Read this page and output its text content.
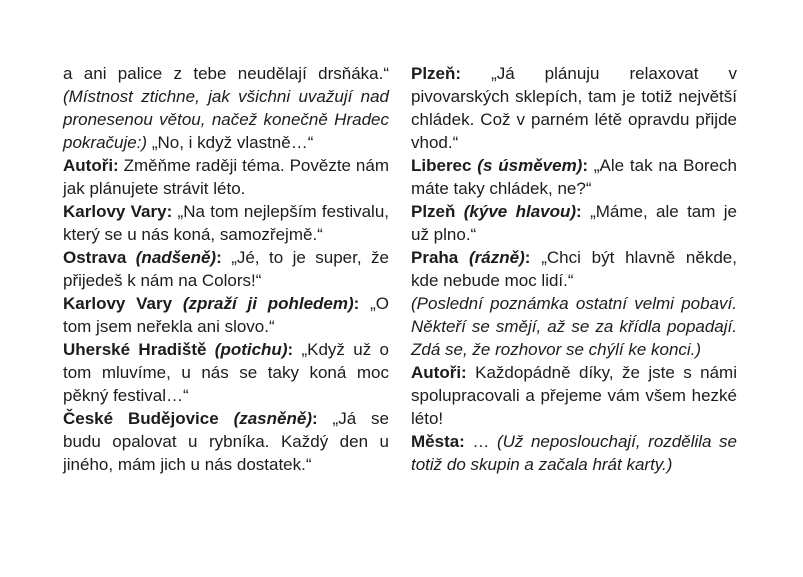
a ani palice z tebe neudělají drsňáka.“

(Místnost ztichne, jak všichni uvažují nad pronesenou větou, načež konečně Hradec pokračuje:) „No, i když vlastně…“

Autoři: Změňme raději téma. Povězte nám jak plánujete strávit léto.

Karlovy Vary: „Na tom nejlepším festivalu, který se u nás koná, samozřejmě.“

Ostrava (nadšeně): „Jé, to je super, že přijedeš k nám na Colors!“

Karlovy Vary (zpraží ji pohledem): „O tom jsem neřekla ani slovo.“

Uherské Hradiště (potichu): „Když už o tom mluvíme, u nás se taky koná moc pěkný festival…“

České Budějovice (zasněně): „Já se budu opalovat u rybníka. Každý den u jiného, mám jich u nás dostatek.“

Plzeň: „Já plánuju relaxovat v pivovarských sklepích, tam je totiž největší chládek. Což v parném létě opravdu přijde vhod.“

Liberec (s úsměvem): „Ale tak na Borech máte taky chládek, ne?“

Plzeň (kýve hlavou): „Máme, ale tam je už plno.“

Praha (rázně): „Chci být hlavně někde, kde nebude moc lidí.“

(Poslední poznámka ostatní velmi pobaví. Někteří se smějí, až se za křídla popadají. Zdá se, že rozhovor se chýlí ke konci.)

Autoři: Každopádně díky, že jste s námi spolupracovali a přejeme vám všem hezké léto!

Města: … (Už neposlouchají, rozdělila se totiž do skupin a začala hrát karty.)
